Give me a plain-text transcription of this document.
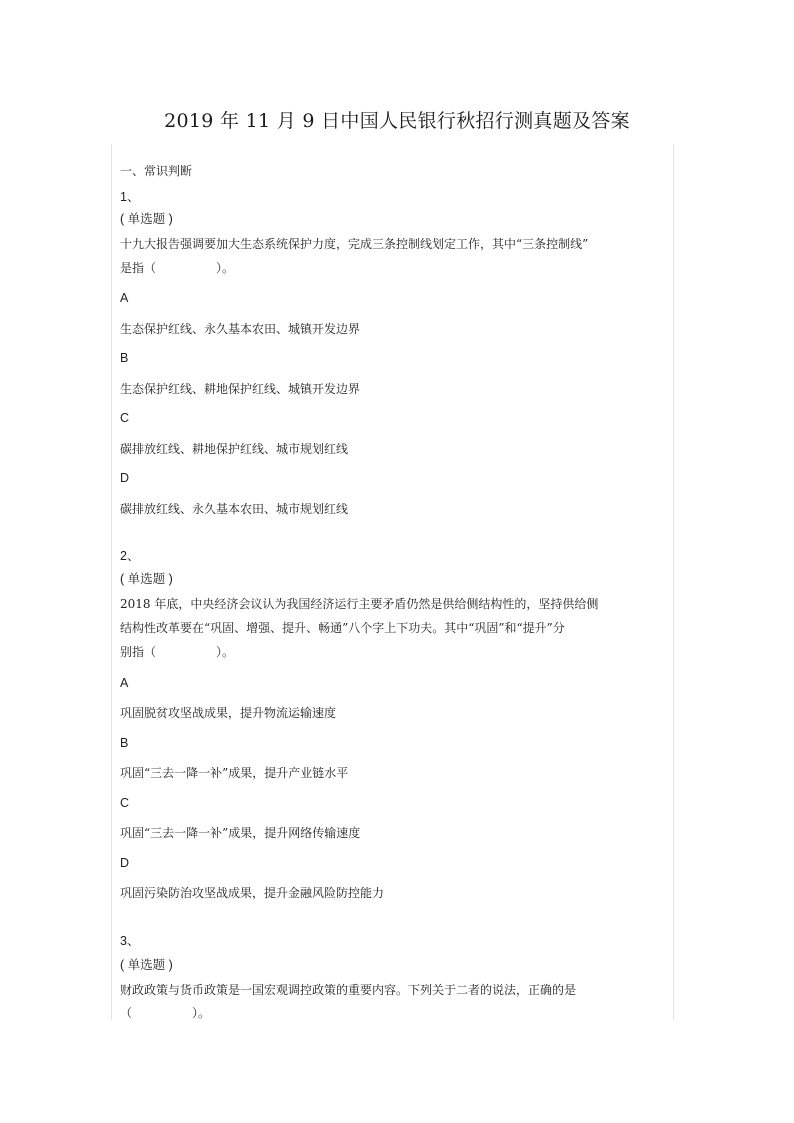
2019 年 11 月 9 日中国人民银行秋招行测真题及答案
一、常识判断
1、
( 单选题 )
十九大报告强调要加大生态系统保护力度，完成三条控制线划定工作，其中“三条控制线”
是指（　　　　　）。
A
生态保护红线、永久基本农田、城镇开发边界
B
生态保护红线、耕地保护红线、城镇开发边界
C
碳排放红线、耕地保护红线、城市规划红线
D
碳排放红线、永久基本农田、城市规划红线
2、
( 单选题 )
2018 年底，中央经济会议认为我国经济运行主要矛盾仍然是供给侧结构性的，坚持供给侧
结构性改革要在“巩固、增强、提升、畅通”八个字上下功夫。其中“巩固”和“提升”分
别指（　　　　　）。
A
巩固脱贫攻坚战成果，提升物流运输速度
B
巩固“三去一降一补”成果，提升产业链水平
C
巩固“三去一降一补”成果，提升网络传输速度
D
巩固污染防治攻坚战成果，提升金融风险防控能力
3、
( 单选题 )
财政政策与货币政策是一国宏观调控政策的重要内容。下列关于二者的说法，正确的是
（　　　　　）。
